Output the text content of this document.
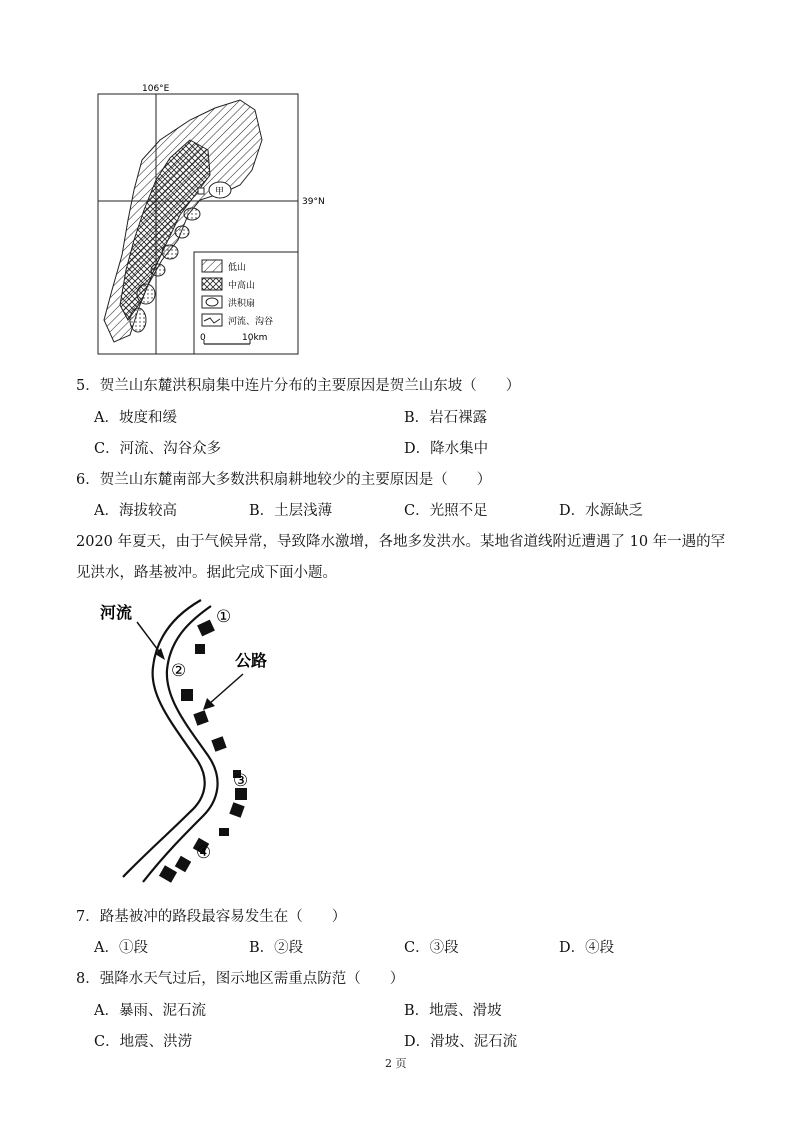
106°E
39°N
甲
低山
中高山
洪积扇
河流、沟谷
0	10km
5．贺兰山东麓洪积扇集中连片分布的主要原因是贺兰山东坡（　　）
A．坡度和缓	B．岩石裸露
C．河流、沟谷众多	D．降水集中
6．贺兰山东麓南部大多数洪积扇耕地较少的主要原因是（　　）
A．海拔较高	B．土层浅薄	C．光照不足	D．水源缺乏
2020 年夏天，由于气候异常，导致降水激增，各地多发洪水。某地省道线附近遭遇了 10 年一遇的罕
见洪水，路基被冲。据此完成下面小题。
河流
公路
①
②
③
④
7．路基被冲的路段最容易发生在（　　）
A．①段	B．②段	C．③段	D．④段
8．强降水天气过后，图示地区需重点防范（　　）
A．暴雨、泥石流	B．地震、滑坡
C．地震、洪涝	D．滑坡、泥石流
2 页
